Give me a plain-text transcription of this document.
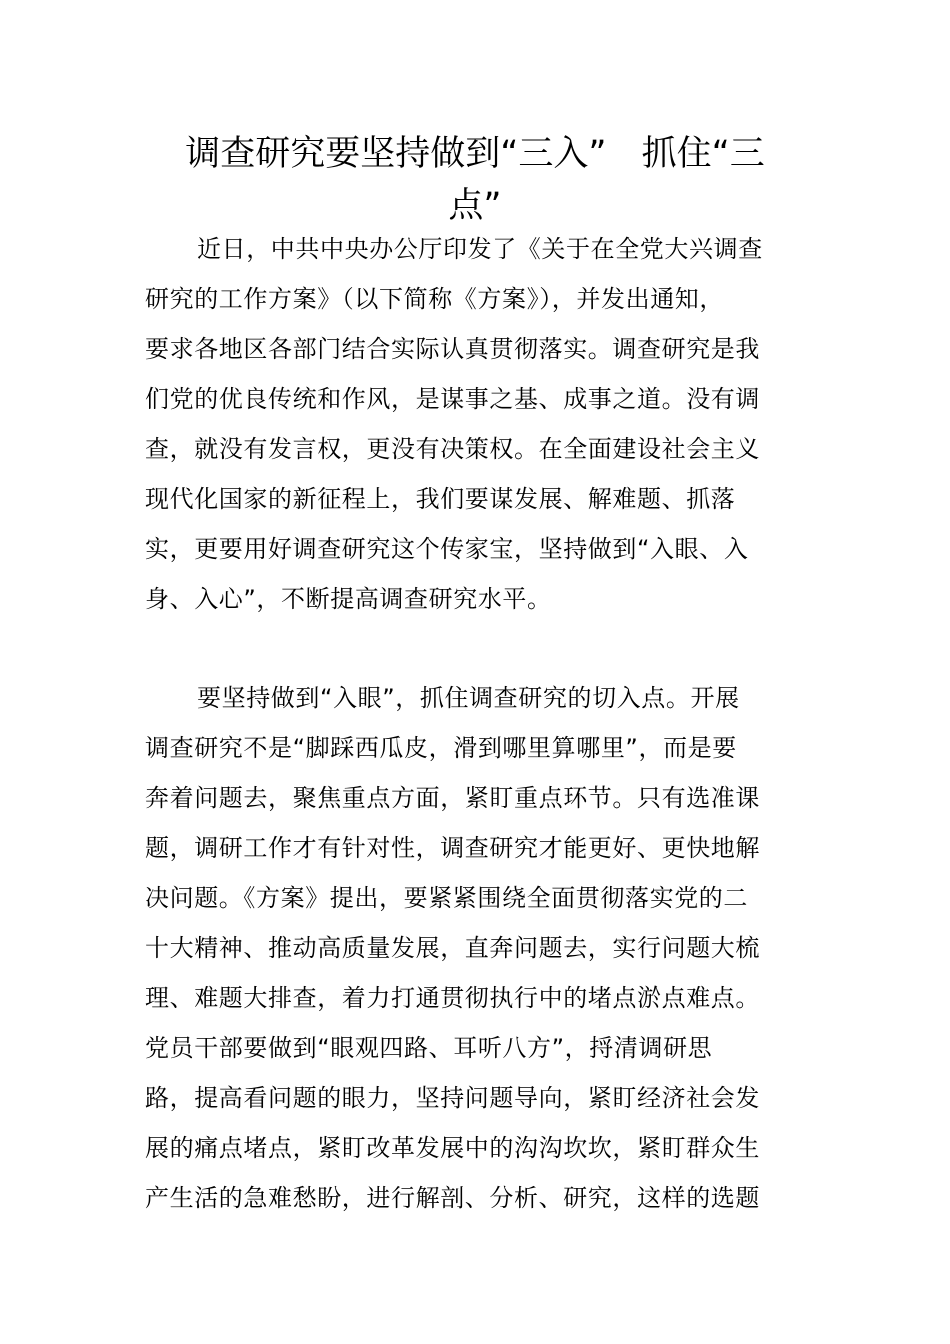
调查研究要坚持做到“三入”　抓住“三
点”

近日，中共中央办公厅印发了《关于在全党大兴调查
研究的工作方案》（以下简称《方案》），并发出通知，
要求各地区各部门结合实际认真贯彻落实。调查研究是我
们党的优良传统和作风，是谋事之基、成事之道。没有调
查，就没有发言权，更没有决策权。在全面建设社会主义
现代化国家的新征程上，我们要谋发展、解难题、抓落
实，更要用好调查研究这个传家宝，坚持做到“入眼、入
身、入心”，不断提高调查研究水平。

要坚持做到“入眼”，抓住调查研究的切入点。开展
调查研究不是“脚踩西瓜皮，滑到哪里算哪里”，而是要
奔着问题去，聚焦重点方面，紧盯重点环节。只有选准课
题，调研工作才有针对性，调查研究才能更好、更快地解
决问题。《方案》提出，要紧紧围绕全面贯彻落实党的二
十大精神、推动高质量发展，直奔问题去，实行问题大梳
理、难题大排查，着力打通贯彻执行中的堵点淤点难点。
党员干部要做到“眼观四路、耳听八方”，捋清调研思
路，提高看问题的眼力，坚持问题导向，紧盯经济社会发
展的痛点堵点，紧盯改革发展中的沟沟坎坎，紧盯群众生
产生活的急难愁盼，进行解剖、分析、研究，这样的选题
